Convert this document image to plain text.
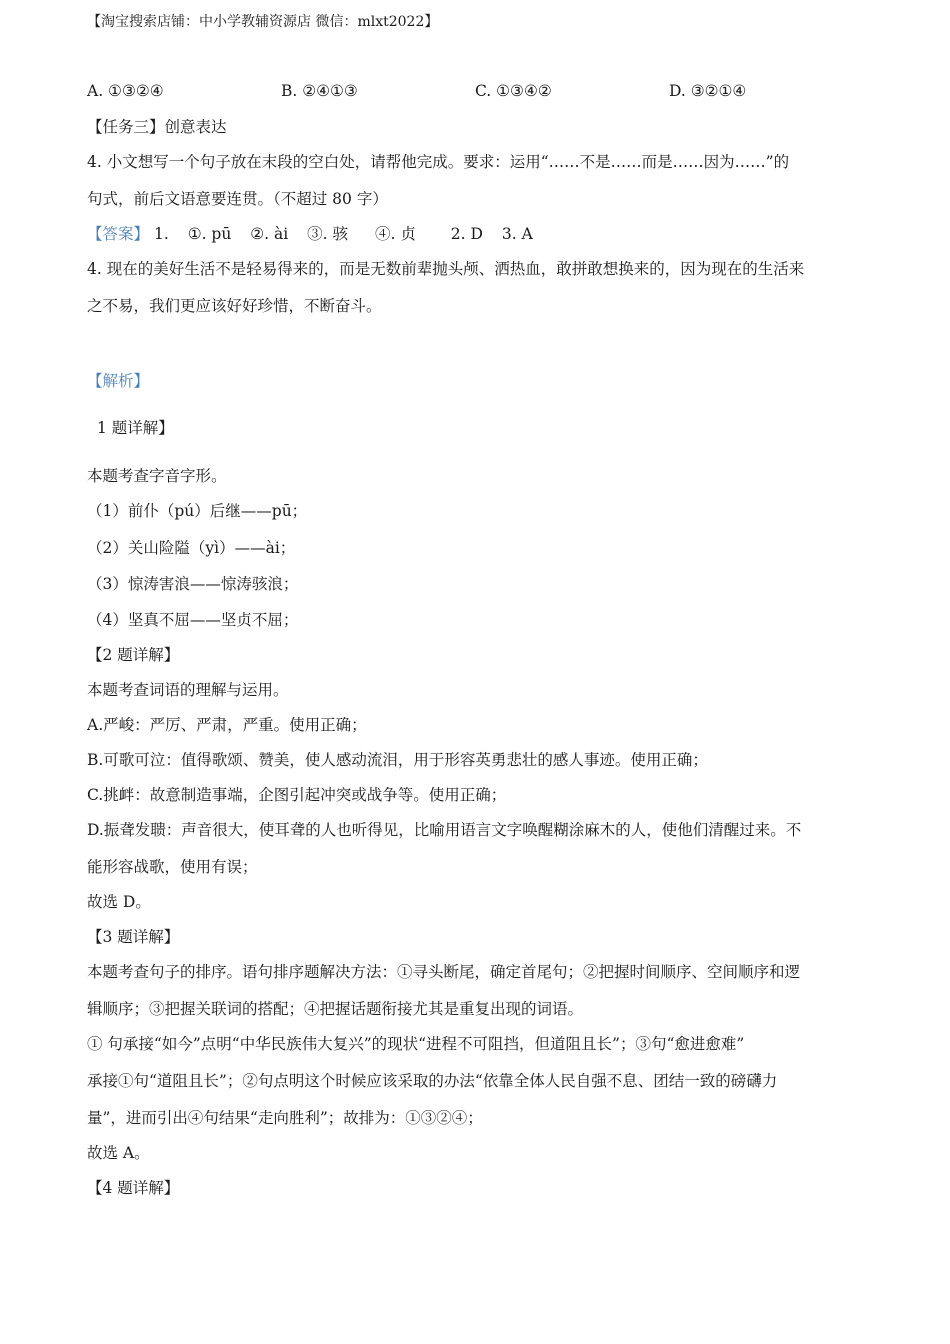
【淘宝搜索店铺：中小学教辅资源店 微信：mlxt2022】
A. ①③②④	B. ②④①③	C. ①③④②	D. ③②①④
【任务三】创意表达
4. 小文想写一个句子放在末段的空白处，请帮他完成。要求：运用“……不是……而是……因为……”的
句式，前后文语意要连贯。（不超过 80 字）
【答案】 1. ①. pū ②. ài ③. 骇 ④. 贞 2. D 3. A
4. 现在的美好生活不是轻易得来的，而是无数前辈抛头颅、洒热血，敢拼敢想换来的，因为现在的生活来
之不易，我们更应该好好珍惜，不断奋斗。
【解析】
1 题详解】
本题考查字音字形。
（1）前仆（pú）后继——pū；
（2）关山险隘（yì）——ài；
（3）惊涛害浪——惊涛骇浪；
（4）坚真不屈——坚贞不屈；
【2 题详解】
本题考查词语的理解与运用。
A.严峻：严厉、严肃，严重。使用正确；
B.可歌可泣：值得歌颂、赞美，使人感动流泪，用于形容英勇悲壮的感人事迹。使用正确；
C.挑衅：故意制造事端，企图引起冲突或战争等。使用正确；
D.振聋发聩：声音很大，使耳聋的人也听得见，比喻用语言文字唤醒糊涂麻木的人，使他们清醒过来。不
能形容战歌，使用有误；
故选 D。
【3 题详解】
本题考查句子的排序。语句排序题解决方法：①寻头断尾，确定首尾句；②把握时间顺序、空间顺序和逻
辑顺序；③把握关联词的搭配；④把握话题衔接尤其是重复出现的词语。
① 句承接“如今”点明“中华民族伟大复兴”的现状“进程不可阻挡，但道阻且长”；③句“愈进愈难”
承接①句“道阻且长”；②句点明这个时候应该采取的办法“依靠全体人民自强不息、团结一致的磅礴力
量”，进而引出④句结果“走向胜利”；故排为：①③②④；
故选 A。
【4 题详解】
